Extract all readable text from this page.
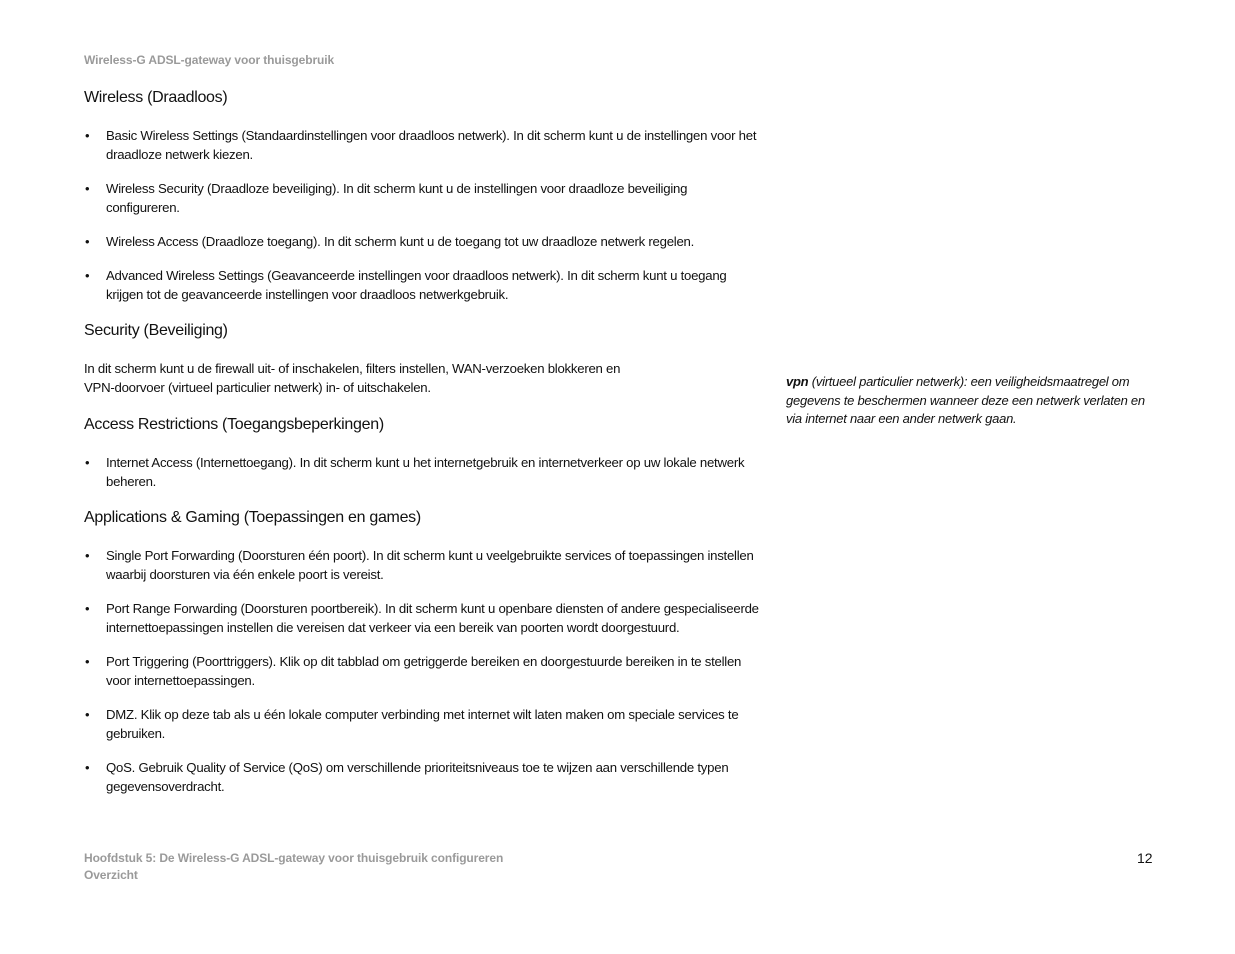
Wireless-G ADSL-gateway voor thuisgebruik
Wireless (Draadloos)
• Basic Wireless Settings (Standaardinstellingen voor draadloos netwerk). In dit scherm kunt u de instellingen voor het draadloze netwerk kiezen.
• Wireless Security (Draadloze beveiliging). In dit scherm kunt u de instellingen voor draadloze beveiliging configureren.
• Wireless Access (Draadloze toegang). In dit scherm kunt u de toegang tot uw draadloze netwerk regelen.
• Advanced Wireless Settings (Geavanceerde instellingen voor draadloos netwerk). In dit scherm kunt u toegang krijgen tot de geavanceerde instellingen voor draadloos netwerkgebruik.
Security (Beveiliging)

In dit scherm kunt u de firewall uit- of inschakelen, filters instellen, WAN-verzoeken blokkeren en
VPN-doorvoer (virtueel particulier netwerk) in- of uitschakelen.

Access Restrictions (Toegangsbeperkingen)
• Internet Access (Internettoegang). In dit scherm kunt u het internetgebruik en internetverkeer op uw lokale netwerk beheren.
Applications & Gaming (Toepassingen en games)
• Single Port Forwarding (Doorsturen één poort). In dit scherm kunt u veelgebruikte services of toepassingen instellen waarbij doorsturen via één enkele poort is vereist.
• Port Range Forwarding (Doorsturen poortbereik). In dit scherm kunt u openbare diensten of andere gespecialiseerde internettoepassingen instellen die vereisen dat verkeer via een bereik van poorten wordt doorgestuurd.
• Port Triggering (Poorttriggers). Klik op dit tabblad om getriggerde bereiken en doorgestuurde bereiken in te stellen voor internettoepassingen.
• DMZ. Klik op deze tab als u één lokale computer verbinding met internet wilt laten maken om speciale services te gebruiken.
• QoS. Gebruik Quality of Service (QoS) om verschillende prioriteitsniveaus toe te wijzen aan verschillende typen gegevensoverdracht.
vpn (virtueel particulier netwerk): een veiligheidsmaatregel om gegevens te beschermen wanneer deze een netwerk verlaten en via internet naar een ander netwerk gaan.
Hoofdstuk 5: De Wireless-G ADSL-gateway voor thuisgebruik configureren
Overzicht
12
